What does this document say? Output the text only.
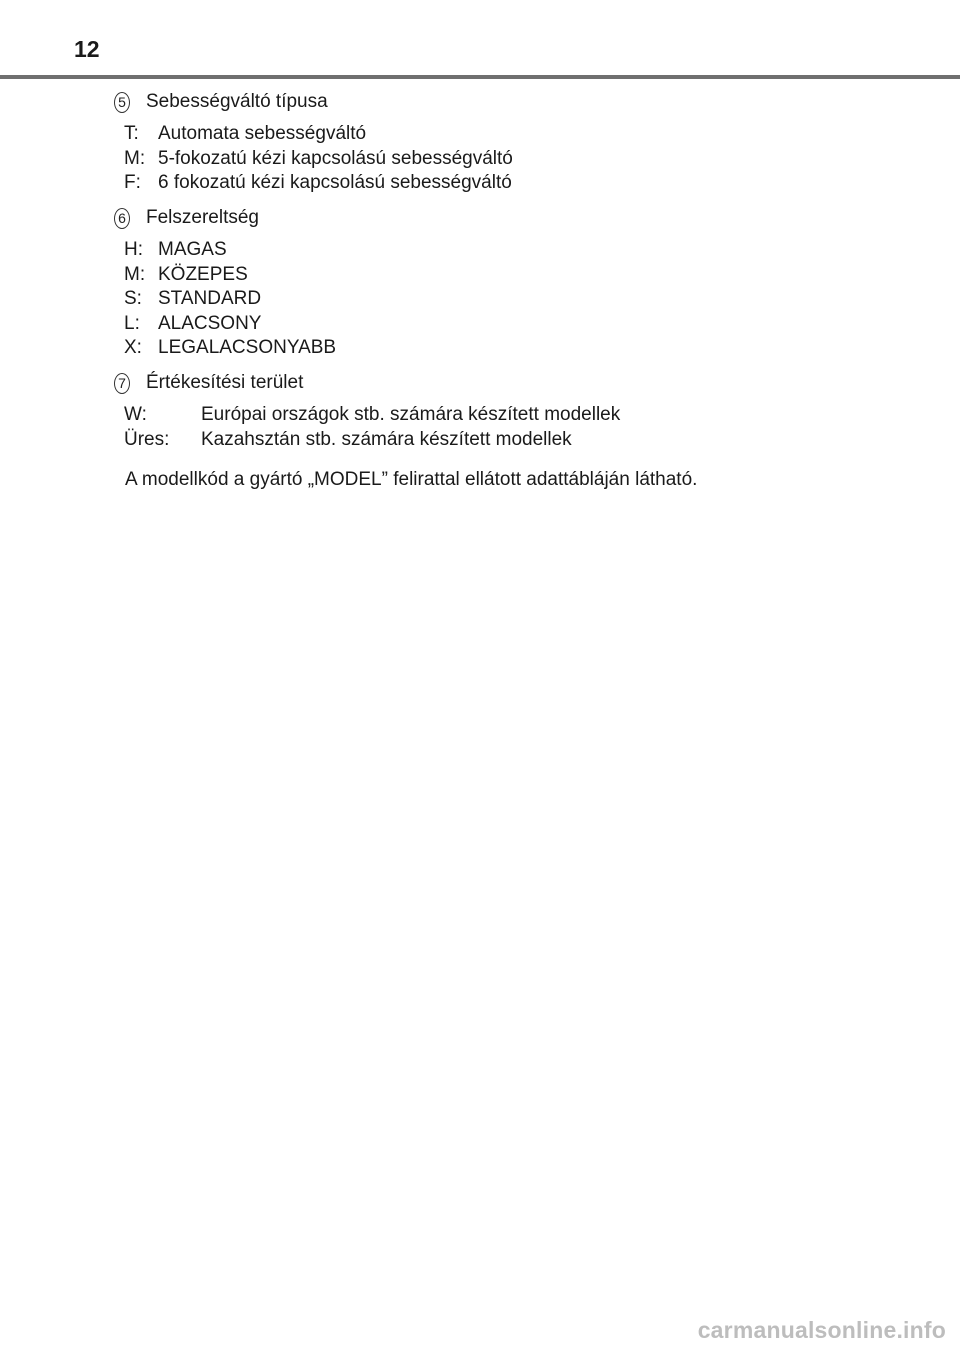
12
5 Sebességváltó típusa
T:	Automata sebességváltó
M: 5-fokozatú kézi kapcsolású sebességváltó
F: 6 fokozatú kézi kapcsolású sebességváltó
6 Felszereltség
H: MAGAS
M: KÖZEPES
S: STANDARD
L: ALACSONY
X: LEGALACSONYABB
7 Értékesítési terület
W:	Európai országok stb. számára készített modellek
Üres:	Kazahsztán stb. számára készített modellek
A modellkód a gyártó „MODEL” felirattal ellátott adattábláján látható.
carmanualsonline.info
